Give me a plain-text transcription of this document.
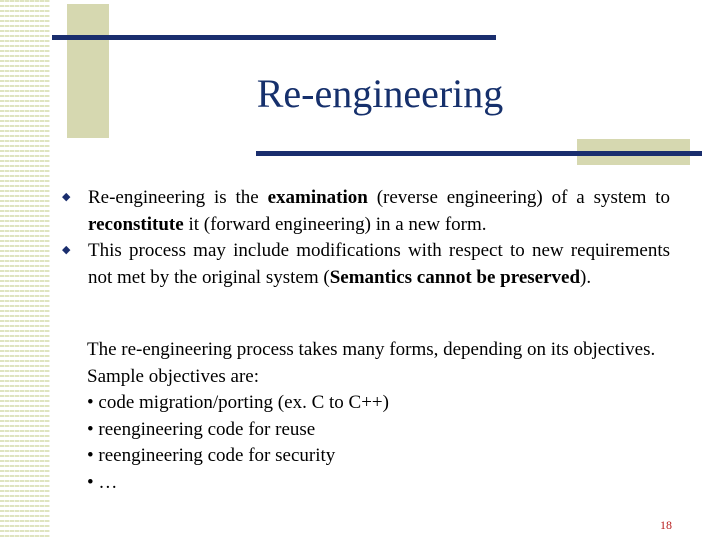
Re-engineering
◆ Re-engineering is the examination (reverse engineering) of a system to reconstitute it (forward engineering) in a new form.
◆ This process may include modifications with respect to new requirements not met by the original system (Semantics cannot be preserved).
The re-engineering process takes many forms, depending on its objectives. Sample objectives are:
• code migration/porting (ex. C to C++)
• reengineering code for reuse
• reengineering code for security
• …
18
